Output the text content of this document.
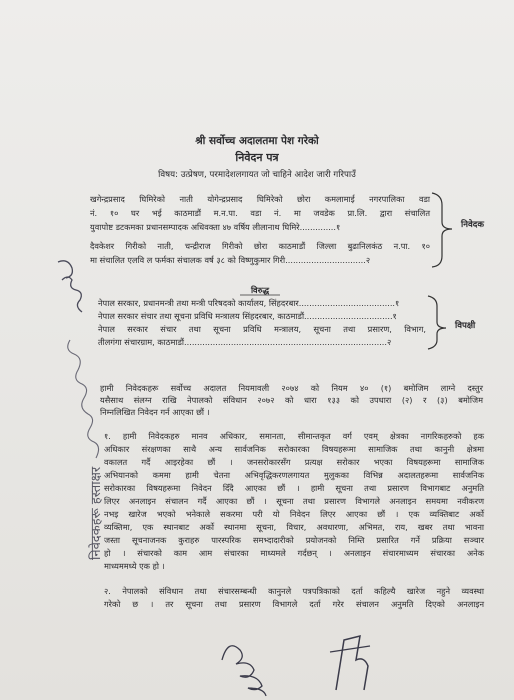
श्री सर्वोच्च अदालतमा पेश गरेको
निवेदन पत्र
विषय: उत्प्रेषण, परमादेशलगायत जो चाहिने आदेश जारी गरिपाउँ
खगेन्द्रप्रसाद घिमिरेको नाती योगेन्द्रप्रसाद घिमिरेको छोरा कमलामाई नगरपालिका वडा
नं. १० घर भई काठमाडौं म.न.पा. वडा नं. मा जवडेक प्रा.लि. द्वारा संचालित
युवापोष्ट डटकमका प्रधानसम्पादक अधिवक्ता ४७ वर्षिय लीलानाथ घिमिरे..............१
दैवकेशर गिरीको नाती, चन्द्रीराज गिरीको छोरा काठमाडौं जिल्ला बुढानिलकंठ न.पा. १०
मा संचालित एलवि ल फर्मका संचालक वर्ष ३८ को विष्णुकुमार गिरी...............................२
निवेदक
विरुद्ध
नेपाल सरकार, प्रधानमन्त्री तथा मन्त्री परिषदको कार्यालय, सिंहदरबार.....................................१
नेपाल सरकार संचार तथा सूचना प्रविधि मन्त्रालय सिंहदरबार, काठमाडौं..................................१
नेपाल सरकार संचार तथा सूचना प्रविधि मन्त्रालय, सूचना तथा प्रसारण, विभाग,
तीलगंगा संचारग्राम, काठमाडौं..............................................................................२
विपक्षी
हामी निवेदकहरू सर्वोच्च अदालत नियमावली २०७४ को नियम ४० (१) बमोजिम लाग्ने दस्तुर
यसैसाथ संलग्न राखि नेपालको संविधान २०७२ को धारा १३३ को उपधारा (२) र (३) बमोजिम
निम्नलिखित निवेदन गर्न आएका छौं ।
१. हामी निवेदकहरु मानव अधिकार, समानता, सीमान्तकृत वर्ग एवम् क्षेत्रका नागरिकहरुको हक
अधिकार संरक्षणका साथै अन्य सार्वजनिक सरोकारका विषयहरूमा सामाजिक तथा कानुनी क्षेत्रमा
वकालत गर्दै आइरहेका छौं । जनसरोकारसँग प्रत्यक्ष सरोकार भएका विषयहरूमा सामाजिक
अभियानको कममा हामी चेतना अभिवृद्धिकरणलगायत मुलुकका विभिन्न अदालतहरूमा सार्वजनिक
सरोकारका विषयहरूमा निवेदन दिँदै आएका छौं । हामी सूचना तथा प्रसारण विभागबाट अनुमति
लिएर अनलाइन संचालन गर्दै आएका छौं । सूचना तथा प्रसारण विभागले अनलाइन समयमा नवीकरण
नभइ खारेज भएको भनेकाले सकरमा परी यो निवेदन लिएर आएका छौं । एक व्यक्तिबाट अर्को
व्यक्तिमा, एक स्थानबाट अर्को स्थानमा सूचना, विचार, अवधारणा, अभिमत, राय, खबर तथा भावना
जस्ता सूचनाजनक कुराहरु पारस्परिक समभ्दादारीको प्रयोजनको निम्ति प्रसारित गर्ने प्रक्रिया सञ्चार
हो । संचारको काम आम संचारका माध्यमले गर्दछन् । अनलाइन संचारमाध्यम संचारका अनेक
माध्यममध्ये एक हो ।
२. नेपालको संविधान तथा संचारसम्बन्धी कानुनले पत्रपत्रिकाको दर्ता कहिल्यै खारेज नहुने व्यवस्था
गरेको छ । तर सूचना तथा प्रसारण विभागले दर्ता गरेर संचालन अनुमति दिएको अनलाइन
निवेदकहरू हस्ताक्षर
